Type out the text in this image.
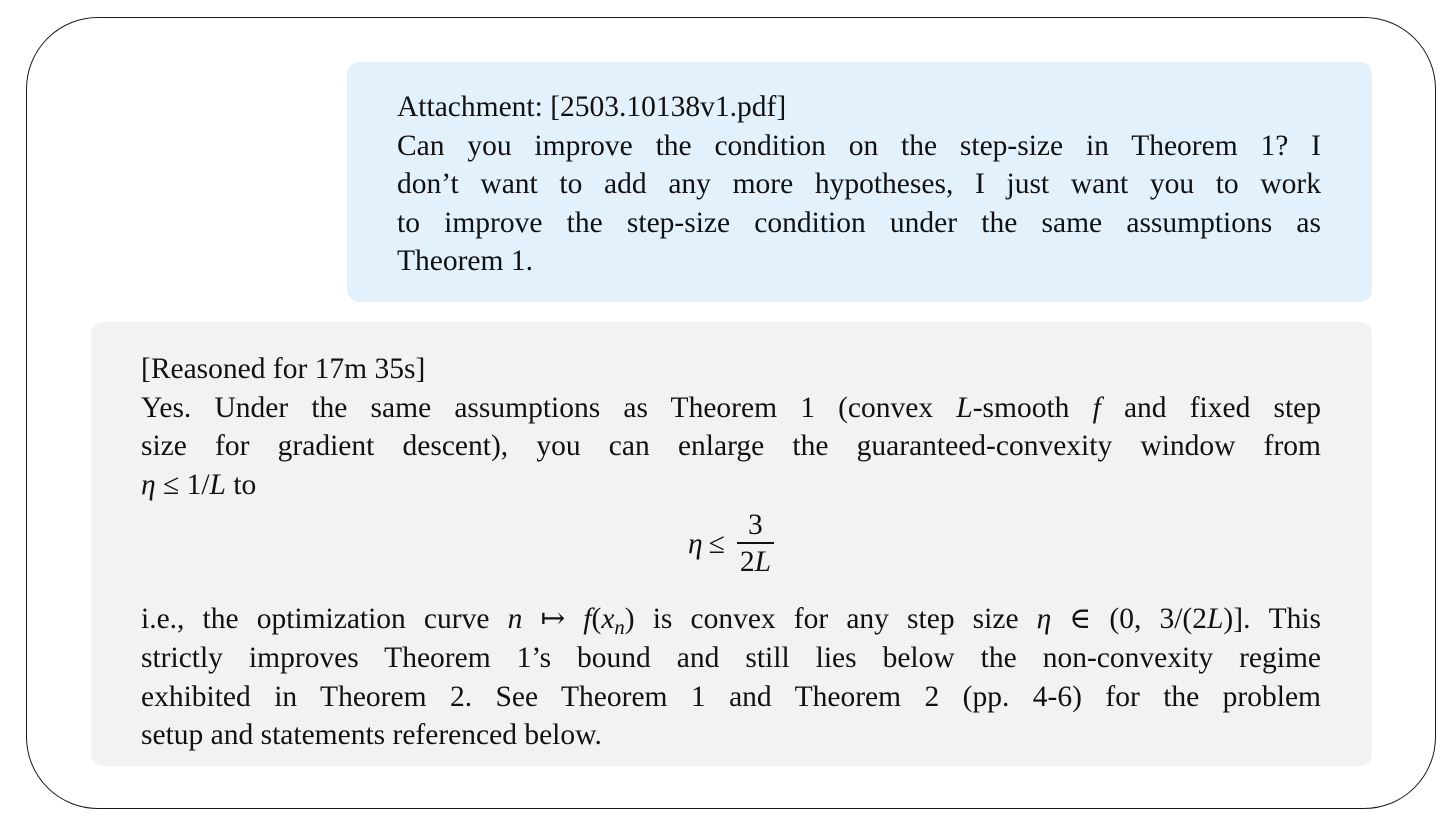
Attachment: [2503.10138v1.pdf]
Can you improve the condition on the step-size in Theorem 1? I
don’t want to add any more hypotheses, I just want you to work
to improve the step-size condition under the same assumptions as
Theorem 1.
[Reasoned for 17m 35s]
Yes. Under the same assumptions as Theorem 1 (convex L-smooth f and fixed step
size for gradient descent), you can enlarge the guaranteed-convexity window from
η ≤ 1/L to
$\eta \le \frac{3}{2L}$
i.e., the optimization curve n ↦ f(xn) is convex for any step size η ∈ (0, 3/(2L)]. This
strictly improves Theorem 1’s bound and still lies below the non-convexity regime
exhibited in Theorem 2. See Theorem 1 and Theorem 2 (pp. 4-6) for the problem
setup and statements referenced below.
